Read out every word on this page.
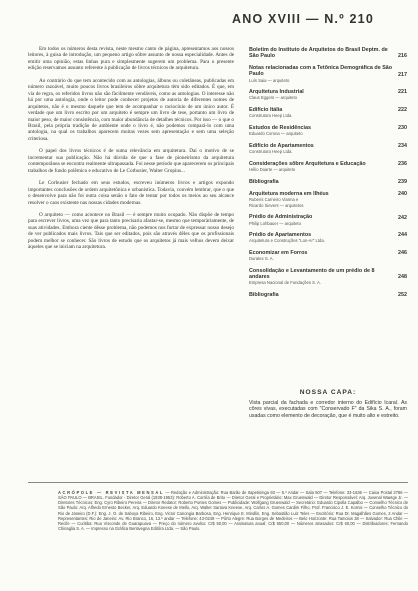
ANO XVIII — N.º 210

Em todos os números desta revista, neste mesmo canto de página, apresentamos aos nossos leitores, à guisa de introdução, um pequeno artigo sôbre assunto de nossa especialidade. Antes de emitir uma opinião, estas linhas pura e simplesmente sugerem um problema. Para o presente edição reservamos assunto referente à publicação de livros técnicos de arquitetura.

Ao contrário do que tem acontecido com as antologias, álbuns ou coletâneas, publicadas em número razoável, muito poucos livros brasileiros sôbre arquitetura têm sido editados. É que, em via de regra, os referidos livros não são fàcilmente vendáveis, como as antologias. O interesse não há por uma antologia, onde o leitor pode conhecer projetos de autoria de diferentes nomes de arquitetos, não é o mesmo daquele que tem de acompanhar o raciocínio de um único autor. É verdade que um livro escrito por um arquiteto é sempre um livro de tese, portanto um livro de maior peso, de maior consistência, com maior abundância de detalhes técnicos. Por isso — o que o Brasil, pela própria tradição de ambiente onde o livro é, não podemos compará-lo com uma antologia, na qual os trabalhos aparecem muitas vezes sem apresentação e sem uma seleção criteriosa.

O papel dos livros técnicos é de suma relevância em arquitetura. Daí o motivo de se incrementar sua publicação. Não há dúvida de que a fase de pioneirismo da arquitetura contemporânea se encontra realmente ultrapassada. Foi nesse período que aparecerem os principais trabalhos de fundo polêmico e educativo de Le Corbusier, Walter Gropius...

Le Corbusier fechado em seus estudos, escreveu inúmeros livros e artigos expondo importantes conclusões de ordem arquitetônica e urbanística. Todavia, convém lembrar, que o que o desenvolve para não foi outra coisa senão o fato de tentar por todos os meios ao seu alcance resolver o caos existente nas nossas cidades modernas.

O arquiteto — como acontece no Brasil — é sempre muito ocupado. Não dispõe de tempo para escrever livros, uma vez que para tanto precisaria afastar-se, mesmo que temporàriamente, de suas atividades. Embora ciente dêsse problema, não podemos nos furtar de expressar nosso desejo de ver publicados mais livros. Tais que ser editados, pois são através dêles que os profissionais podem melhor se conhecer. São livros de estudo que os arquitetos já mais velhos devem deixar àqueles que se iniciam na arquitetura.

Boletim do Instituto de Arquitetos do Brasil Deptm. de São Paulo	216
Notas relacionadas com a Tetônica Demográfica de São Paulo	217
Luís Saia — arquiteto
Arquitetura Industrial	221
Claus Eggers — arquiteto
Edifício Itália	222
Construtora Heep Ltda.
Estudos de Residências	230
Eduardo Corona — arquiteto
Edifício de Apartamentos	234
Construtora Heep Ltda.
Considerações sôbre Arquitetura e Educação	236
Hélio Duarte — arquiteto
Bibliografia	239
Arquitetura moderna em Ilhéus	240
Rubens Carneiro Vianna e
Ricardo Sievers — arquitetos
Prédio de Administração	242
Philip Lohbauer — arquiteto
Prédio de Apartamentos	244
Arquitetura e Construções "Lon-Ar" Ltda.
Economizar em Forros	246
Duratex S. A.
Consolidação e Levantamento de um prédio de 8 andares	248
Empresa Nacional de Fundações S. A.
Bibliografia	252
NOSSA CAPA:
Vista parcial da fachada e corredor interno do Edifício Icaraí. As côres vivas, executadas com "Conservado F" da Sika S. A., foram usadas como elemento de decoração, que é muito alto e estreito.
ACRÓPOLE — REVISTA MENSAL — Redação e Administração: Rua Barão de Itapetininga 93 — 5.º Andar — Sala 507 — Telefone: 33-1636 — Caixa Postal 3786 — SÃO PAULO — BRASIL. Fundador - Diretor Geral (1938-1953): Roberto A. Corrêa de Brito — Diretor Geral e Proprietário: Max Gruenwald — Diretor Responsável: Arq. Juvenal Waetge Jr. — Diretores Técnicos: Eng. Cyro Ribeiro Pereira — Diretor Redator: Roberto Pontes Gomes — Publicidade: Wolfgang Gruenwald — Secretário: Eduardo Cipolla Capalbo — Conselho Técnico de São Paulo: Arq. Alfredo Ernesto Becker, Arq. Eduardo Kneese de Mello, Arq. Walter Saraiva Kneese, Arq. Carlos A. Gomes Cardim Filho, Prof. Francisco J. E. Kornis — Conselho Técnico do Rio de Janeiro (D.F.): Eng. J. O. de Saboya Ribeiro, Eng. Victor Canongia Barbosa, Eng. Henrique E. Mindlin, Eng. Sebastião Luiz Teles — Escritório: Rua Dr. Magalhães Gomes, 2 Andar — Representantes: Rio de Janeiro: Av. Rio Branco, 16, 13.º andar — Telefone: 43-0249 — Pôrto Alegre: Rua Borges de Medeiros — Belo Horizonte: Rua Tamoios 38 — Salvador: Rua Chile — Recife — Curitiba: Rua Visconde de Guarapuava — Preço do número avulso: Cr$ 50,00 — Assinatura anual: Cr$ 550,00 — Números atrasados: Cr$ 60,00 — Distribuidores: Fernando Chinaglia S. A. — Impresso na Gráfica Bentivegna Editôra Ltda. — São Paulo.
